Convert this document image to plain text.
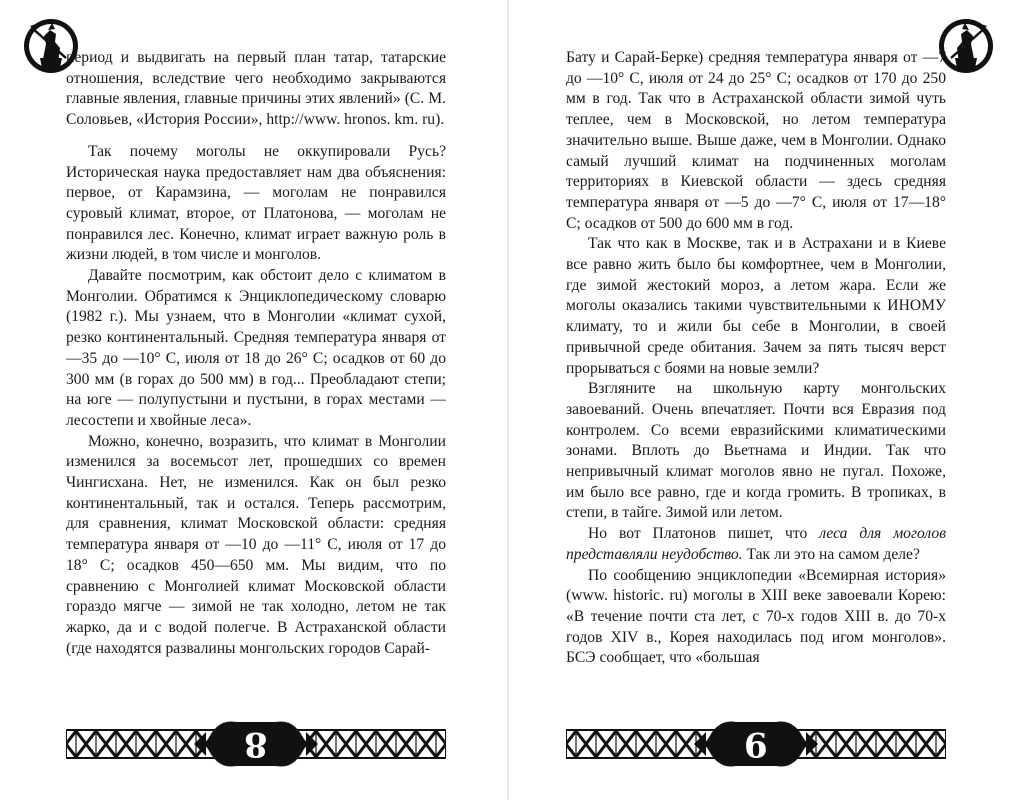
период и выдвигать на первый план татар, татарские отношения, вследствие чего необходимо закрываются главные явления, главные причины этих явлений» (С. М. Соловьев, «История России», http://www. hronos. km. ru).

Так почему моголы не оккупировали Русь? Историческая наука предоставляет нам два объяснения: первое, от Карамзина, — моголам не понравился суровый климат, второе, от Платонова, — моголам не понравился лес. Конечно, климат играет важную роль в жизни людей, в том числе и монголов.

Давайте посмотрим, как обстоит дело с климатом в Монголии. Обратимся к Энциклопедическому словарю (1982 г.). Мы узнаем, что в Монголии «климат сухой, резко континентальный. Средняя температура января от —35 до —10° С, июля от 18 до 26° С; осадков от 60 до 300 мм (в горах до 500 мм) в год... Преобладают степи; на юге — полупустыни и пустыни, в горах местами — лесостепи и хвойные леса».

Можно, конечно, возразить, что климат в Монголии изменился за восемьсот лет, прошедших со времен Чингисхана. Нет, не изменился. Как он был резко континентальный, так и остался. Теперь рассмотрим, для сравнения, климат Московской области: средняя температура января от —10 до —11° С, июля от 17 до 18° С; осадков 450—650 мм. Мы видим, что по сравнению с Монголией климат Московской области гораздо мягче — зимой не так холодно, летом не так жарко, да и с водой полегче. В Астраханской области (где находятся развалины монгольских городов Сарай-

8

Бату и Сарай-Берке) средняя температура января от —7 до —10° С, июля от 24 до 25° С; осадков от 170 до 250 мм в год. Так что в Астраханской области зимой чуть теплее, чем в Московской, но летом температура значительно выше. Выше даже, чем в Монголии. Однако самый лучший климат на подчиненных моголам территориях в Киевской области — здесь средняя температура января от —5 до —7° С, июля от 17—18° С; осадков от 500 до 600 мм в год.

Так что как в Москве, так и в Астрахани и в Киеве все равно жить было бы комфортнее, чем в Монголии, где зимой жестокий мороз, а летом жара. Если же моголы оказались такими чувствительными к ИНОМУ климату, то и жили бы себе в Монголии, в своей привычной среде обитания. Зачем за пять тысяч верст прорываться с боями на новые земли?

Взгляните на школьную карту монгольских завоеваний. Очень впечатляет. Почти вся Евразия под контролем. Со всеми евразийскими климатическими зонами. Вплоть до Вьетнама и Индии. Так что непривычный климат моголов явно не пугал. Похоже, им было все равно, где и когда громить. В тропиках, в степи, в тайге. Зимой или летом.

Но вот Платонов пишет, что леса для моголов представляли неудобство. Так ли это на самом деле?

По сообщению энциклопедии «Всемирная история» (www. historic. ru) моголы в XIII веке завоевали Корею: «В течение почти ста лет, с 70-х годов XIII в. до 70-х годов XIV в., Корея находилась под игом монголов». БСЭ сообщает, что «большая

9
